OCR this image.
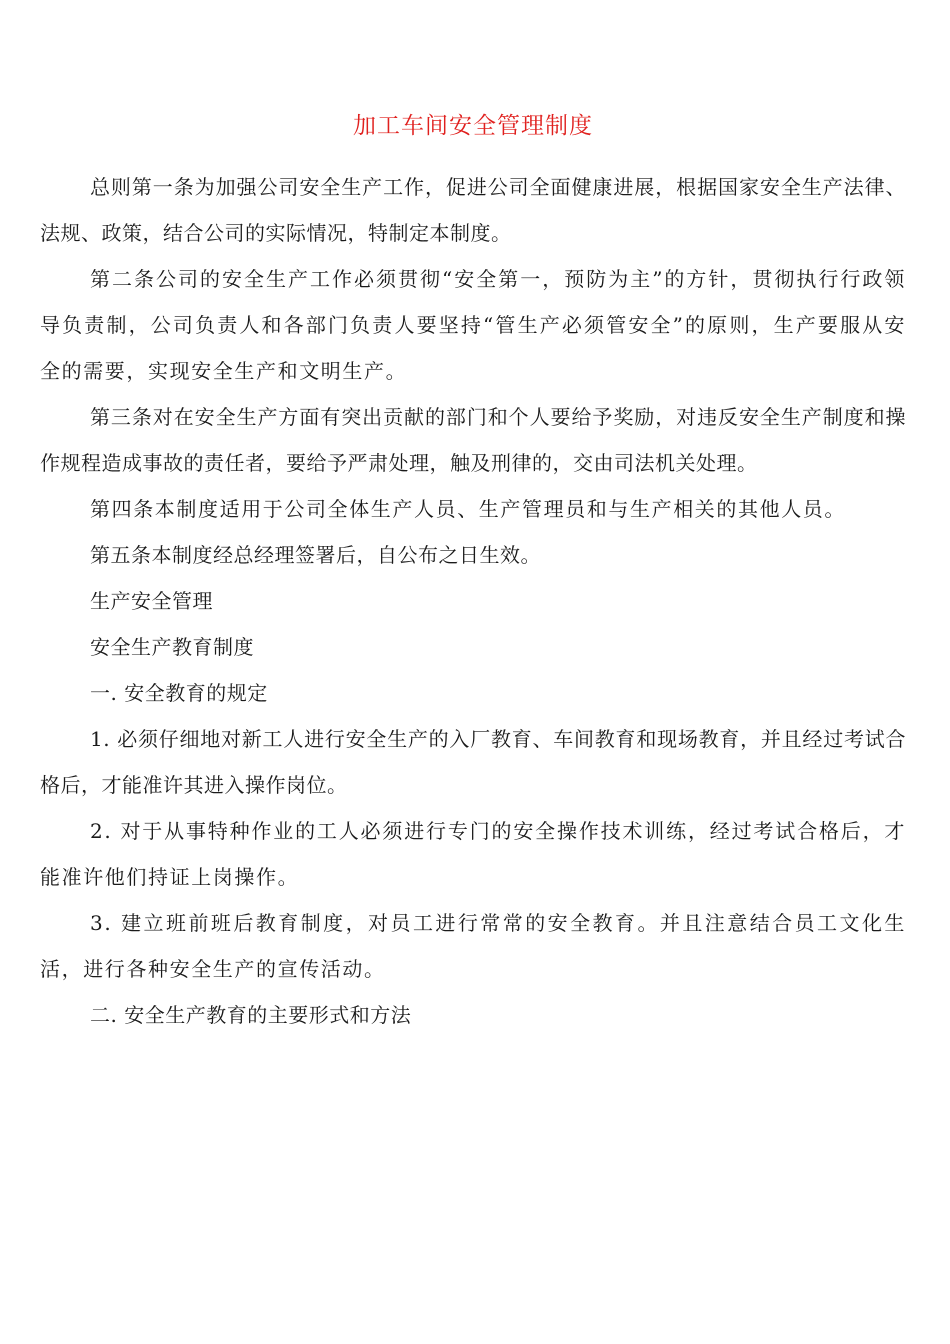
加工车间安全管理制度

总则第一条为加强公司安全生产工作，促进公司全面健康进展，根据国家安全生产法律、法规、政策，结合公司的实际情况，特制定本制度。

第二条公司的安全生产工作必须贯彻“安全第一，预防为主”的方针，贯彻执行行政领导负责制，公司负责人和各部门负责人要坚持“管生产必须管安全”的原则，生产要服从安全的需要，实现安全生产和文明生产。

第三条对在安全生产方面有突出贡献的部门和个人要给予奖励，对违反安全生产制度和操作规程造成事故的责任者，要给予严肃处理，触及刑律的，交由司法机关处理。

第四条本制度适用于公司全体生产人员、生产管理员和与生产相关的其他人员。

第五条本制度经总经理签署后，自公布之日生效。

生产安全管理

安全生产教育制度

一. 安全教育的规定

1. 必须仔细地对新工人进行安全生产的入厂教育、车间教育和现场教育，并且经过考试合格后，才能准许其进入操作岗位。

2. 对于从事特种作业的工人必须进行专门的安全操作技术训练，经过考试合格后，才能准许他们持证上岗操作。

3. 建立班前班后教育制度，对员工进行常常的安全教育。并且注意结合员工文化生活，进行各种安全生产的宣传活动。

二. 安全生产教育的主要形式和方法
